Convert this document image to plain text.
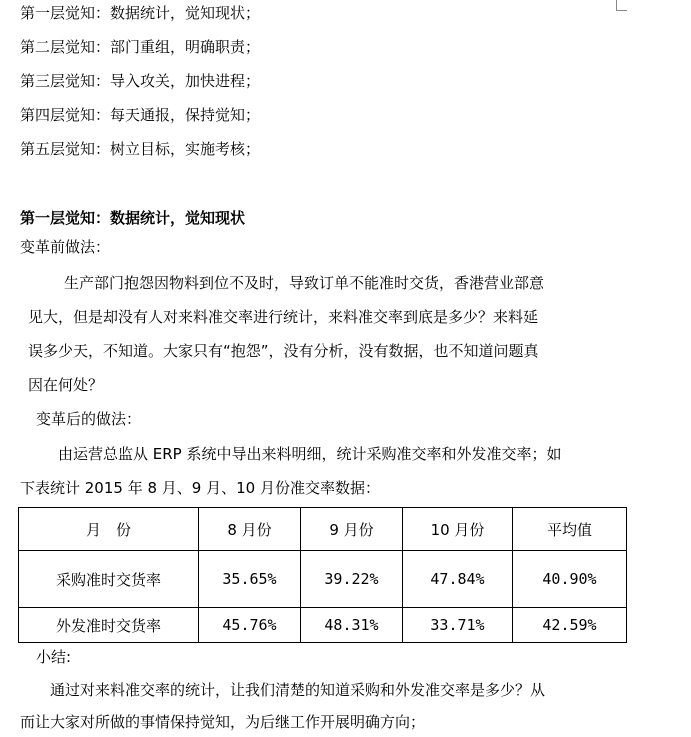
第一层觉知：数据统计，觉知现状；
第二层觉知：部门重组，明确职责；
第三层觉知：导入攻关，加快进程；
第四层觉知：每天通报，保持觉知；
第五层觉知：树立目标，实施考核；
第一层觉知：数据统计，觉知现状
变革前做法：
生产部门抱怨因物料到位不及时，导致订单不能准时交货，香港营业部意
见大，但是却没有人对来料准交率进行统计，来料准交率到底是多少？来料延
误多少天，不知道。大家只有“抱怨”，没有分析，没有数据，也不知道问题真
因在何处？
变革后的做法：
由运营总监从 ERP 系统中导出来料明细，统计采购准交率和外发准交率；如
下表统计 2015 年 8 月、9 月、10 月份准交率数据：
月　份	8 月份	9 月份	10 月份	平均值
采购准时交货率	35.65%	39.22%	47.84%	40.90%
外发准时交货率	45.76%	48.31%	33.71%	42.59%
小结:
通过对来料准交率的统计，让我们清楚的知道采购和外发准交率是多少？从
而让大家对所做的事情保持觉知，为后继工作开展明确方向；
